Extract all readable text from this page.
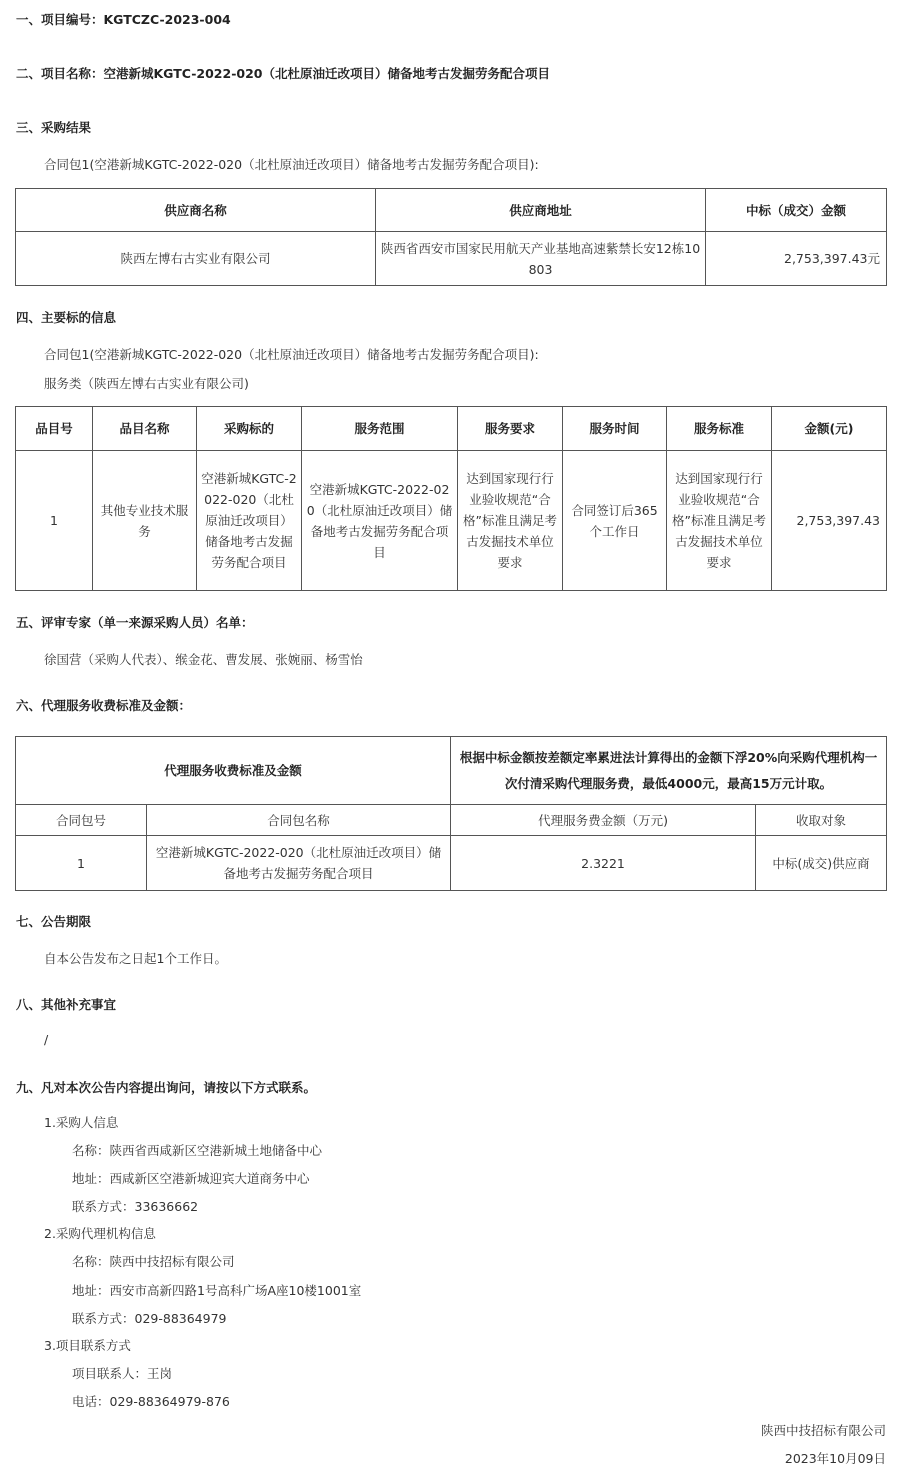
一、项目编号：KGTCZC-2023-004
二、项目名称：空港新城KGTC-2022-020（北杜原油迁改项目）储备地考古发掘劳务配合项目
三、采购结果
合同包1(空港新城KGTC-2022-020（北杜原油迁改项目）储备地考古发掘劳务配合项目):
供应商名称	供应商地址	中标（成交）金额
陕西左博右古实业有限公司	陕西省西安市国家民用航天产业基地高速紫禁长安12栋10803	2,753,397.43元
四、主要标的信息
合同包1(空港新城KGTC-2022-020（北杜原油迁改项目）储备地考古发掘劳务配合项目):
服务类（陕西左博右古实业有限公司)
品目号	品目名称	采购标的	服务范围	服务要求	服务时间	服务标准	金额(元)
1	其他专业技术服务	空港新城KGTC-2022-020（北杜原油迁改项目）储备地考古发掘劳务配合项目	空港新城KGTC-2022-020（北杜原油迁改项目）储备地考古发掘劳务配合项目	达到国家现行行业验收规范“合格”标准且满足考古发掘技术单位要求	合同签订后365个工作日	达到国家现行行业验收规范“合格”标准且满足考古发掘技术单位要求	2,753,397.43
五、评审专家（单一来源采购人员）名单：
徐国营（采购人代表）、缑金花、曹发展、张婉丽、杨雪怡
六、代理服务收费标准及金额：
代理服务收费标准及金额		根据中标金额按差额定率累进法计算得出的金额下浮20%向采购代理机构一次付清采购代理服务费，最低4000元，最高15万元计取。	
合同包号	合同包名称	代理服务费金额（万元)	收取对象
1	空港新城KGTC-2022-020（北杜原油迁改项目）储备地考古发掘劳务配合项目	2.3221	中标(成交)供应商
七、公告期限
自本公告发布之日起1个工作日。
八、其他补充事宜
/
九、凡对本次公告内容提出询问，请按以下方式联系。
1.采购人信息
名称：陕西省西咸新区空港新城土地储备中心
地址：西咸新区空港新城迎宾大道商务中心
联系方式：33636662
2.采购代理机构信息
名称：陕西中技招标有限公司
地址：西安市高新四路1号高科广场A座10楼1001室
联系方式：029-88364979
3.项目联系方式
项目联系人：王岗
电话：029-88364979-876
陕西中技招标有限公司
2023年10月09日
